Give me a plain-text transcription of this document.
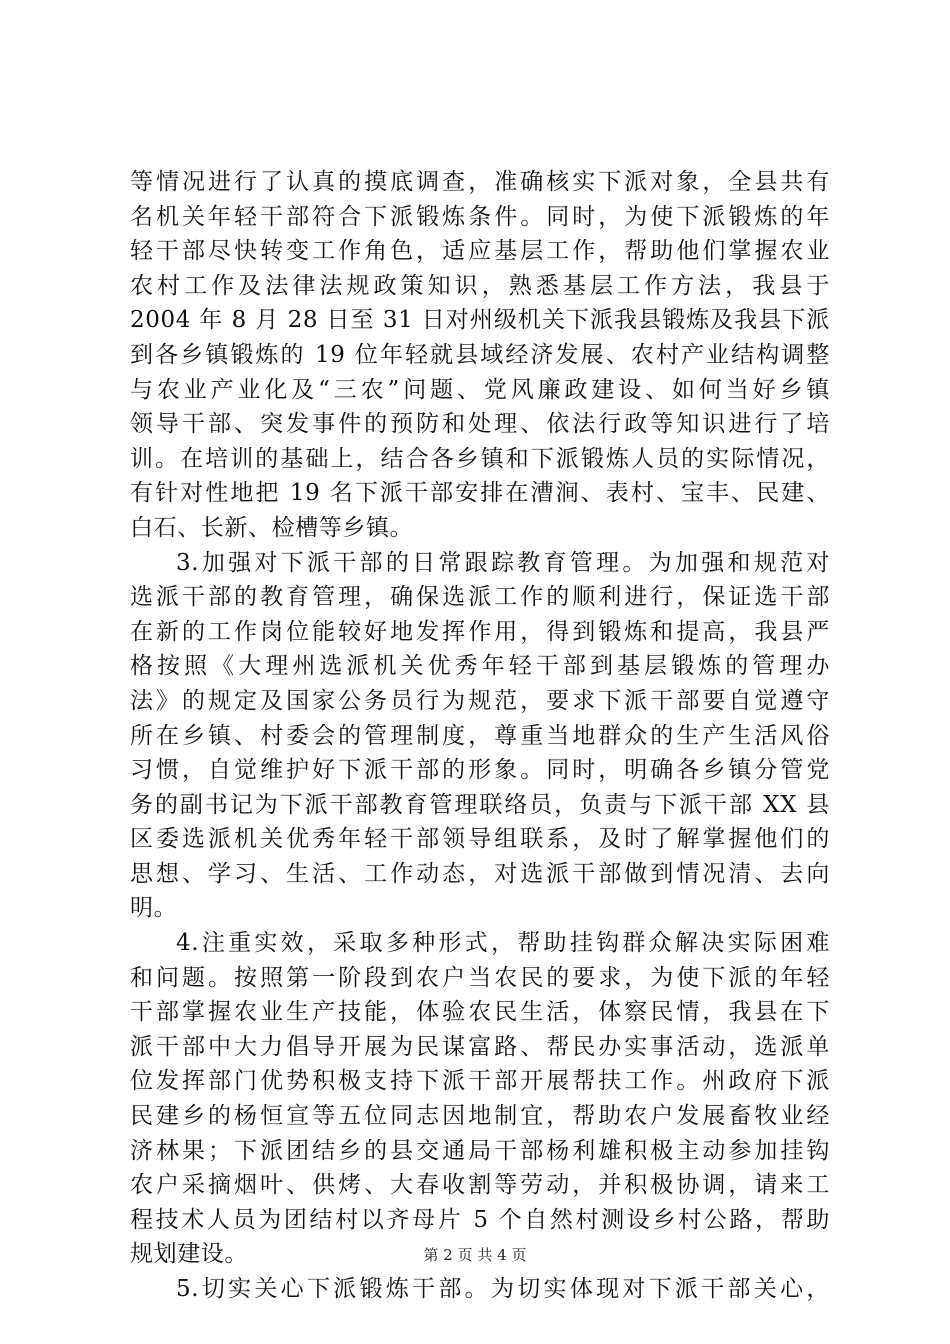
等情况进行了认真的摸底调查，准确核实下派对象，全县共有
名机关年轻干部符合下派锻炼条件。同时，为使下派锻炼的年
轻干部尽快转变工作角色，适应基层工作，帮助他们掌握农业
农村工作及法律法规政策知识，熟悉基层工作方法，我县于
2004 年 8 月 28 日至 31 日对州级机关下派我县锻炼及我县下派
到各乡镇锻炼的 19 位年轻就县域经济发展、农村产业结构调整
与农业产业化及“三农”问题、党风廉政建设、如何当好乡镇
领导干部、突发事件的预防和处理、依法行政等知识进行了培
训。在培训的基础上，结合各乡镇和下派锻炼人员的实际情况，
有针对性地把 19 名下派干部安排在漕涧、表村、宝丰、民建、
白石、长新、检槽等乡镇。
3.加强对下派干部的日常跟踪教育管理。为加强和规范对
选派干部的教育管理，确保选派工作的顺利进行，保证选干部
在新的工作岗位能较好地发挥作用，得到锻炼和提高，我县严
格按照《大理州选派机关优秀年轻干部到基层锻炼的管理办
法》的规定及国家公务员行为规范，要求下派干部要自觉遵守
所在乡镇、村委会的管理制度，尊重当地群众的生产生活风俗
习惯，自觉维护好下派干部的形象。同时，明确各乡镇分管党
务的副书记为下派干部教育管理联络员，负责与下派干部 XX 县
区委选派机关优秀年轻干部领导组联系，及时了解掌握他们的
思想、学习、生活、工作动态，对选派干部做到情况清、去向
明。
4.注重实效，采取多种形式，帮助挂钩群众解决实际困难
和问题。按照第一阶段到农户当农民的要求，为使下派的年轻
干部掌握农业生产技能，体验农民生活，体察民情，我县在下
派干部中大力倡导开展为民谋富路、帮民办实事活动，选派单
位发挥部门优势积极支持下派干部开展帮扶工作。州政府下派
民建乡的杨恒宣等五位同志因地制宜，帮助农户发展畜牧业经
济林果；下派团结乡的县交通局干部杨利雄积极主动参加挂钩
农户采摘烟叶、供烤、大春收割等劳动，并积极协调，请来工
程技术人员为团结村以齐母片 5 个自然村测设乡村公路，帮助
规划建设。
5.切实关心下派锻炼干部。为切实体现对下派干部关心，
第 2 页 共 4 页
